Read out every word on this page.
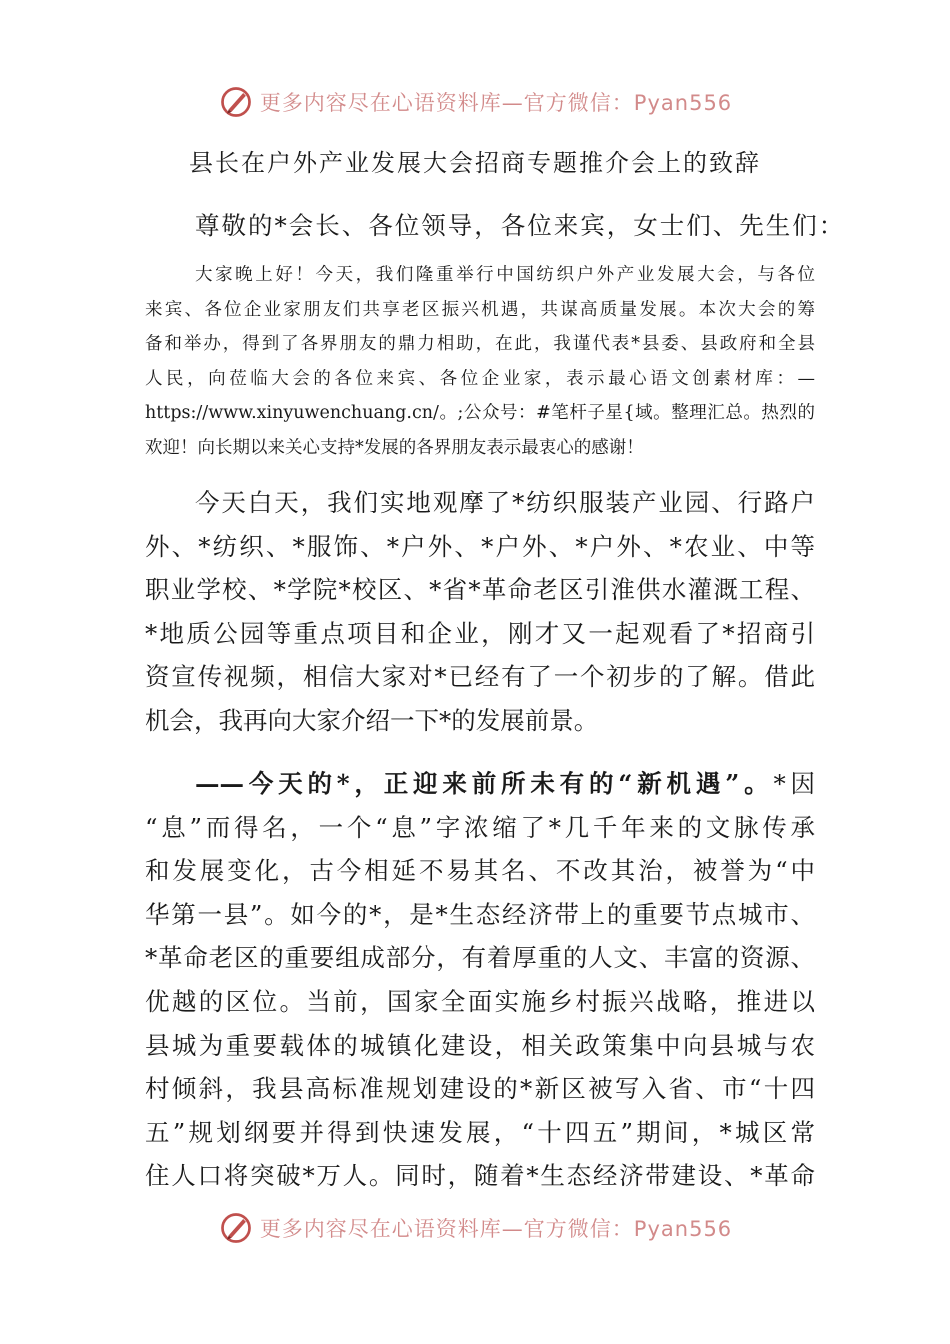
更多内容尽在心语资料库—官方微信：Pyan556
县长在户外产业发展大会招商专题推介会上的致辞
尊敬的*会长、各位领导，各位来宾，女士们、先生们：
大家晚上好！今天，我们隆重举行中国纺织户外产业发展大会，与各位
来宾、各位企业家朋友们共享老区振兴机遇，共谋高质量发展。本次大会的筹
备和举办，得到了各界朋友的鼎力相助，在此，我谨代表*县委、县政府和全县
人民，向莅临大会的各位来宾、各位企业家，表示最心语文创素材库：—
https://www.xinyuwenchuang.cn/。;公众号：#笔杆子星{域。整理汇总。热烈的
欢迎！向长期以来关心支持*发展的各界朋友表示最衷心的感谢！
今天白天，我们实地观摩了*纺织服装产业园、行路户
外、*纺织、*服饰、*户外、*户外、*户外、*农业、中等
职业学校、*学院*校区、*省*革命老区引淮供水灌溉工程、
*地质公园等重点项目和企业，刚才又一起观看了*招商引
资宣传视频，相信大家对*已经有了一个初步的了解。借此
机会，我再向大家介绍一下*的发展前景。
——今天的*，正迎来前所未有的“新机遇”。*因
“息”而得名，一个“息”字浓缩了*几千年来的文脉传承
和发展变化，古今相延不易其名、不改其治，被誉为“中
华第一县”。如今的*，是*生态经济带上的重要节点城市、
*革命老区的重要组成部分，有着厚重的人文、丰富的资源、
优越的区位。当前，国家全面实施乡村振兴战略，推进以
县城为重要载体的城镇化建设，相关政策集中向县城与农
村倾斜，我县高标准规划建设的*新区被写入省、市“十四
五”规划纲要并得到快速发展，“十四五”期间，*城区常
住人口将突破*万人。同时，随着*生态经济带建设、*革命
更多内容尽在心语资料库—官方微信：Pyan556
